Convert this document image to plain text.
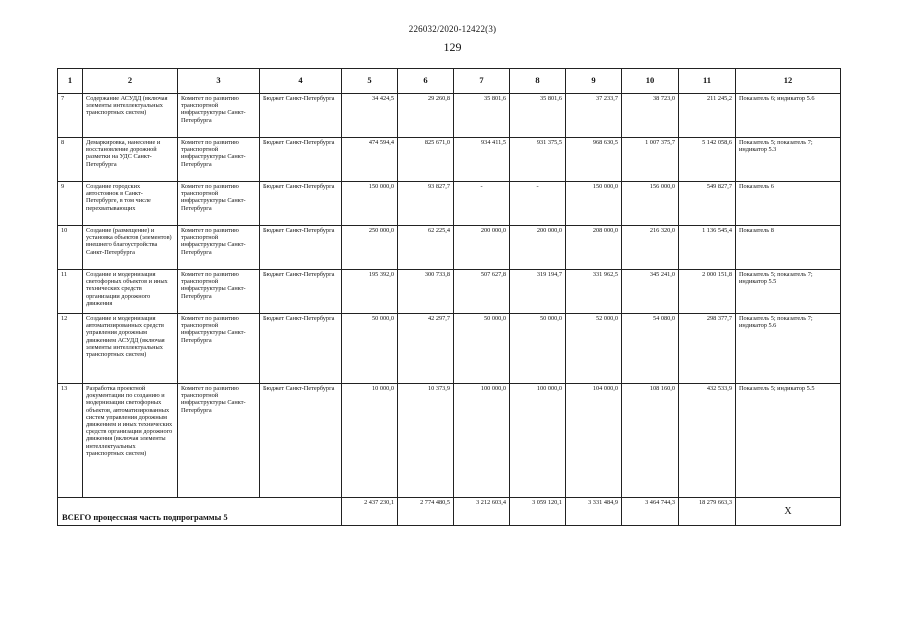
226032/2020-12422(3)
129
1	2	3	4	5	6	7	8	9	10	11	12
7	Содержание АСУДД (включая элементы интеллектуальных транспортных систем)	Комитет по развитию транспортной инфраструктуры Санкт-Петербурга	Бюджет Санкт-Петербурга	34 424,5	29 260,8	35 801,6	35 801,6	37 233,7	38 723,0	211 245,2	Показатель 6; индикатор 5.6
8	Демаркировка, нанесение и восстановление дорожной разметки на УДС Санкт-Петербурга	Комитет по развитию транспортной инфраструктуры Санкт-Петербурга	Бюджет Санкт-Петербурга	474 594,4	825 671,0	934 411,5	931 375,5	968 630,5	1 007 375,7	5 142 058,6	Показатель 5; показатель 7; индикатор 5.3
9	Создание городских автостоянок в Санкт-Петербурге, в том числе перехватывающих	Комитет по развитию транспортной инфраструктуры Санкт-Петербурга	Бюджет Санкт-Петербурга	150 000,0	93 827,7	-	-	150 000,0	156 000,0	549 827,7	Показатель 6
10	Создание (размещение) и установка объектов (элементов) внешнего благоустройства Санкт-Петербурга	Комитет по развитию транспортной инфраструктуры Санкт-Петербурга	Бюджет Санкт-Петербурга	250 000,0	62 225,4	200 000,0	200 000,0	208 000,0	216 320,0	1 136 545,4	Показатель 8
11	Создание и модернизация светофорных объектов и иных технических средств организации дорожного движения	Комитет по развитию транспортной инфраструктуры Санкт-Петербурга	Бюджет Санкт-Петербурга	195 392,0	300 733,8	507 627,8	319 194,7	331 962,5	345 241,0	2 000 151,8	Показатель 5; показатель 7; индикатор 5.5
12	Создание и модернизация автоматизированных средств управления дорожным движением АСУДД (включая элементы интеллектуальных транспортных систем)	Комитет по развитию транспортной инфраструктуры Санкт-Петербурга	Бюджет Санкт-Петербурга	50 000,0	42 297,7	50 000,0	50 000,0	52 000,0	54 080,0	298 377,7	Показатель 5; показатель 7; индикатор 5.6
13	Разработка проектной документации по созданию и модернизации светофорных объектов, автоматизированных систем управления дорожным движением и иных технических средств организации дорожного движения (включая элементы интеллектуальных транспортных систем)	Комитет по развитию транспортной инфраструктуры Санкт-Петербурга	Бюджет Санкт-Петербурга	10 000,0	10 373,9	100 000,0	100 000,0	104 000,0	108 160,0	432 533,9	Показатель 5; индикатор 5.5
ВСЕГО процессная часть подпрограммы 5				2 437 230,1	2 774 480,5	3 212 603,4	3 059 120,1	3 331 484,9	3 464 744,3	18 279 663,3	X
